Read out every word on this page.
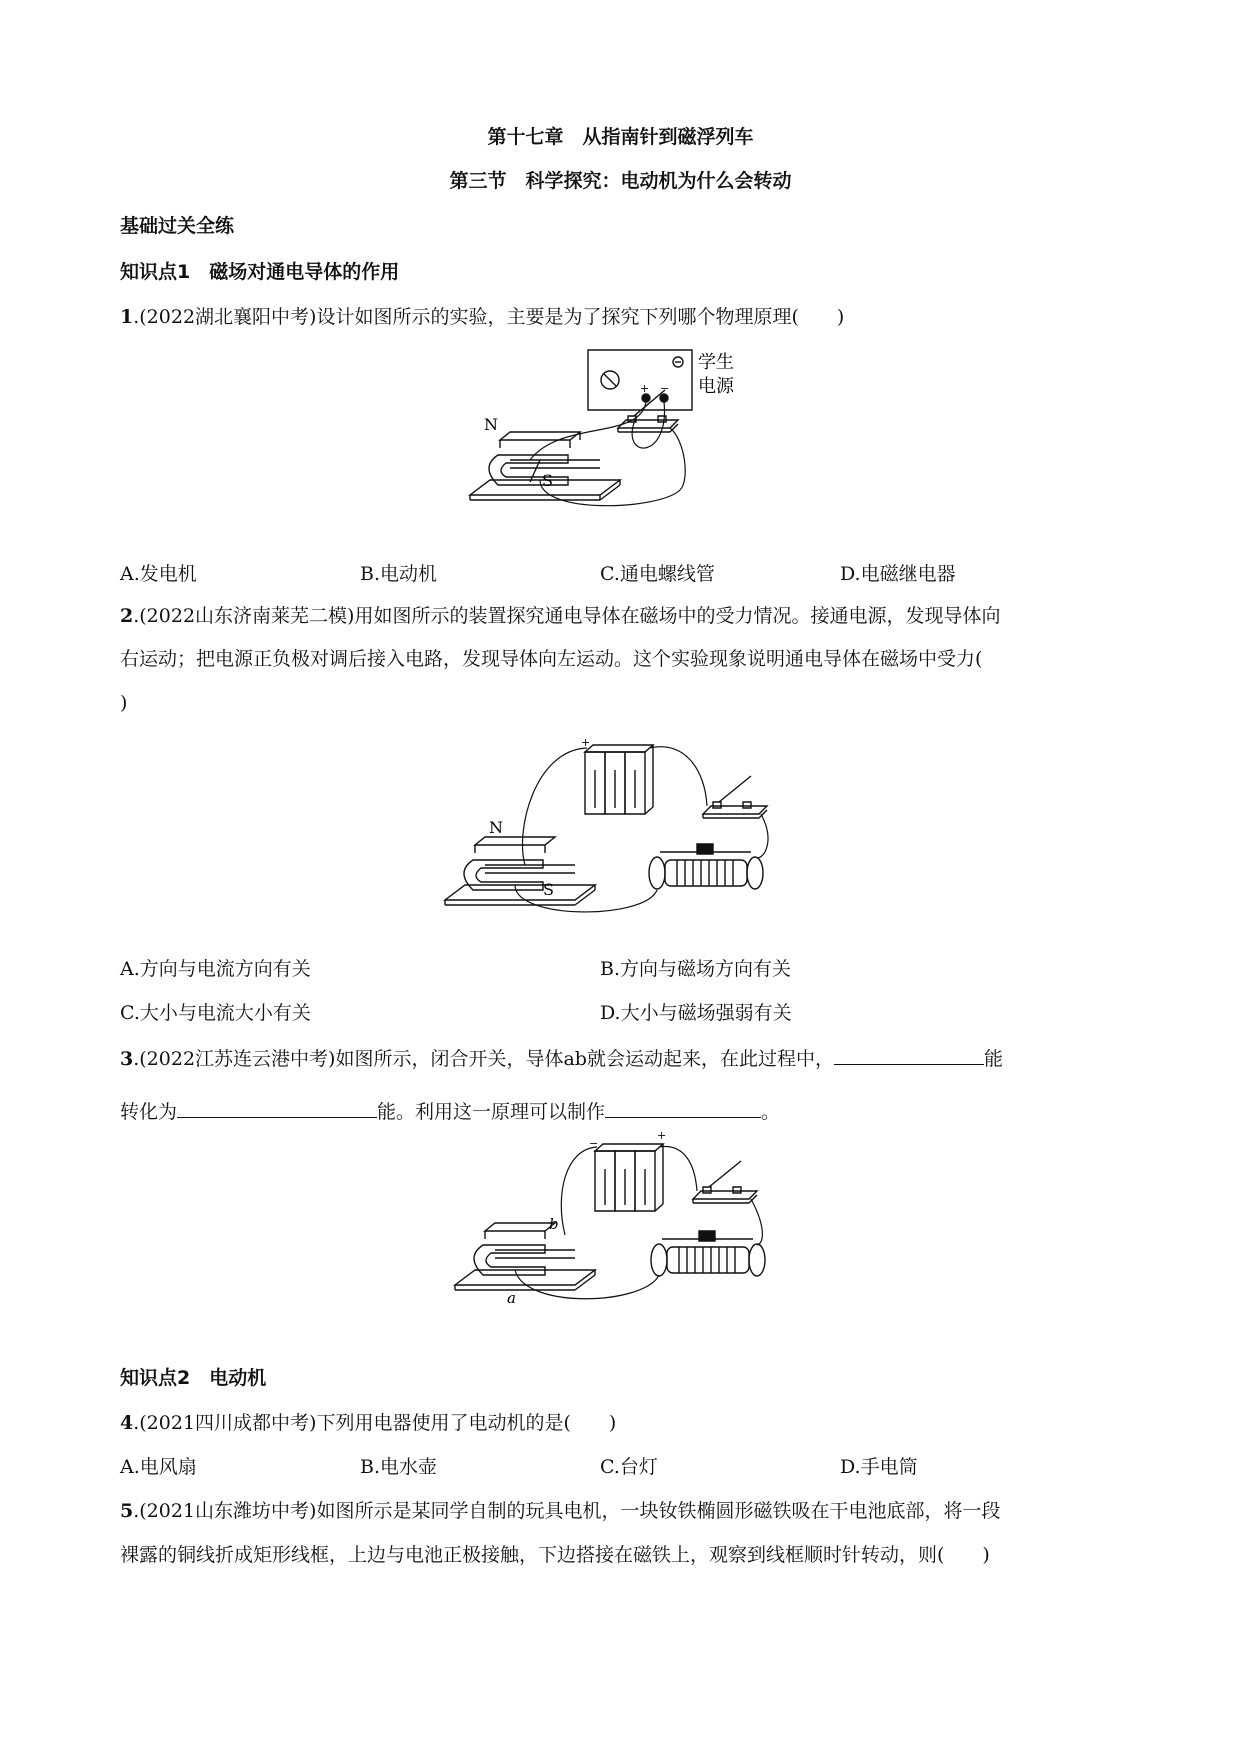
第十七章　从指南针到磁浮列车
第三节　科学探究：电动机为什么会转动
基础过关全练
知识点1　磁场对通电导体的作用
1.(2022湖北襄阳中考)设计如图所示的实验，主要是为了探究下列哪个物理原理(　　)
+ −
学生
电源
N
S
A.发电机	B.电动机	C.通电螺线管	D.电磁继电器
2.(2022山东济南莱芜二模)用如图所示的装置探究通电导体在磁场中的受力情况。接通电源，发现导体向
右运动；把电源正负极对调后接入电路，发现导体向左运动。这个实验现象说明通电导体在磁场中受力(
)
+
N
S
A.方向与电流方向有关	B.方向与磁场方向有关
C.大小与电流大小有关	D.大小与磁场强弱有关
3.(2022江苏连云港中考)如图所示，闭合开关，导体ab就会运动起来，在此过程中，	能
转化为	能。利用这一原理可以制作	。
−
+
b
a
知识点2　电动机
4.(2021四川成都中考)下列用电器使用了电动机的是(　　)
A.电风扇	B.电水壶	C.台灯	D.手电筒
5.(2021山东潍坊中考)如图所示是某同学自制的玩具电机，一块钕铁椭圆形磁铁吸在干电池底部，将一段
裸露的铜线折成矩形线框，上边与电池正极接触，下边搭接在磁铁上，观察到线框顺时针转动，则(　　)
